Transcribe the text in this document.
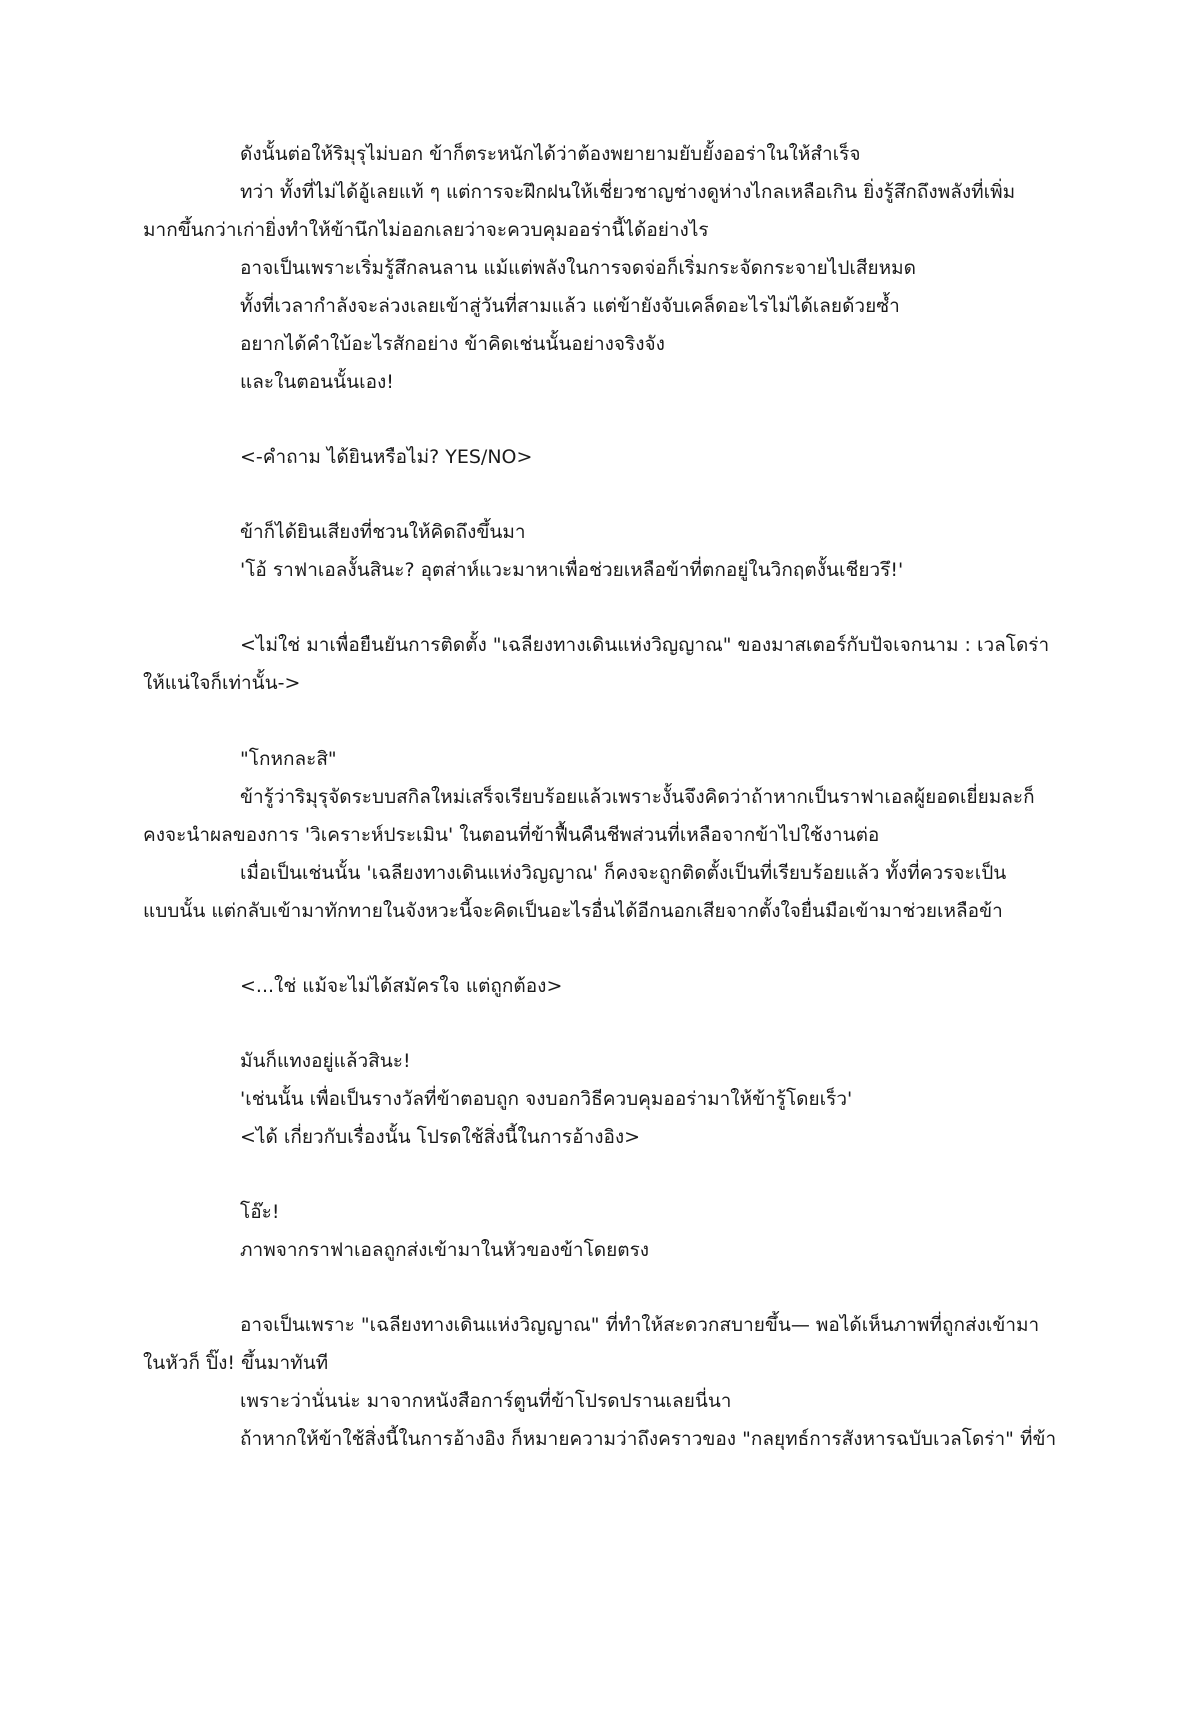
ดังนั้นต่อให้ริมุรุไม่บอก ข้าก็ตระหนักได้ว่าต้องพยายามยับยั้งออร่าในให้สำเร็จ
ทว่า ทั้งที่ไม่ได้อู้เลยแท้ ๆ แต่การจะฝึกฝนให้เชี่ยวชาญช่างดูห่างไกลเหลือเกิน ยิ่งรู้สึกถึงพลังที่เพิ่ม
มากขึ้นกว่าเก่ายิ่งทำให้ข้านึกไม่ออกเลยว่าจะควบคุมออร่านี้ได้อย่างไร
อาจเป็นเพราะเริ่มรู้สึกลนลาน แม้แต่พลังในการจดจ่อก็เริ่มกระจัดกระจายไปเสียหมด
ทั้งที่เวลากำลังจะล่วงเลยเข้าสู่วันที่สามแล้ว แต่ข้ายังจับเคล็ดอะไรไม่ได้เลยด้วยซ้ำ
อยากได้คำใบ้อะไรสักอย่าง ข้าคิดเช่นนั้นอย่างจริงจัง
และในตอนนั้นเอง!
<-คำถาม ได้ยินหรือไม่? YES/NO>
ข้าก็ได้ยินเสียงที่ชวนให้คิดถึงขึ้นมา
'โอ้ ราฟาเอลงั้นสินะ? อุตส่าห์แวะมาหาเพื่อช่วยเหลือข้าที่ตกอยู่ในวิกฤตงั้นเชียวรึ!'
<ไม่ใช่ มาเพื่อยืนยันการติดตั้ง "เฉลียงทางเดินแห่งวิญญาณ" ของมาสเตอร์กับปัจเจกนาม : เวลโดร่า
ให้แน่ใจก็เท่านั้น->
"โกหกละสิ"
ข้ารู้ว่าริมุรุจัดระบบสกิลใหม่เสร็จเรียบร้อยแล้วเพราะงั้นจึงคิดว่าถ้าหากเป็นราฟาเอลผู้ยอดเยี่ยมละก็
คงจะนำผลของการ 'วิเคราะห์ประเมิน' ในตอนที่ข้าฟื้นคืนชีพส่วนที่เหลือจากข้าไปใช้งานต่อ
เมื่อเป็นเช่นนั้น 'เฉลียงทางเดินแห่งวิญญาณ' ก็คงจะถูกติดตั้งเป็นที่เรียบร้อยแล้ว ทั้งที่ควรจะเป็น
แบบนั้น แต่กลับเข้ามาทักทายในจังหวะนี้จะคิดเป็นอะไรอื่นได้อีกนอกเสียจากตั้งใจยื่นมือเข้ามาช่วยเหลือข้า
<...ใช่ แม้จะไม่ได้สมัครใจ แต่ถูกต้อง>
มันก็แทงอยู่แล้วสินะ!
'เช่นนั้น เพื่อเป็นรางวัลที่ข้าตอบถูก จงบอกวิธีควบคุมออร่ามาให้ข้ารู้โดยเร็ว'
<ได้ เกี่ยวกับเรื่องนั้น โปรดใช้สิ่งนี้ในการอ้างอิง>
โอ๊ะ!
ภาพจากราฟาเอลถูกส่งเข้ามาในหัวของข้าโดยตรง
อาจเป็นเพราะ "เฉลียงทางเดินแห่งวิญญาณ" ที่ทำให้สะดวกสบายขึ้น— พอได้เห็นภาพที่ถูกส่งเข้ามา
ในหัวก็ ปิ๊ง! ขึ้นมาทันที
เพราะว่านั่นน่ะ มาจากหนังสือการ์ตูนที่ข้าโปรดปรานเลยนี่นา
ถ้าหากให้ข้าใช้สิ่งนี้ในการอ้างอิง ก็หมายความว่าถึงคราวของ "กลยุทธ์การสังหารฉบับเวลโดร่า" ที่ข้า
